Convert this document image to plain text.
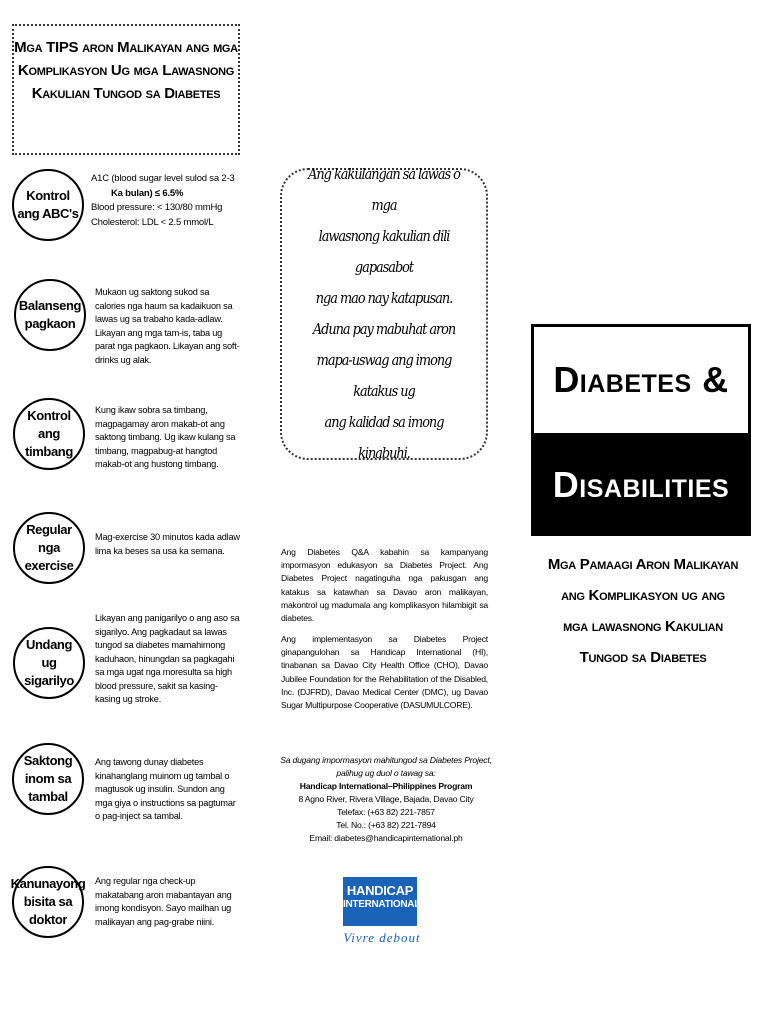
Mga TIPS aron Malikayan ang mga
Komplikasyon Ug mga Lawasnong
Kakulian Tungod sa Diabetes
Kontrol ang ABC's
A1C (blood sugar level sulod sa 2-3
Ka bulan) ≤ 6.5%
Blood pressure: < 130/80 mmHg
Cholesterol: LDL < 2.5 mmol/L
Balanseng pagkaon
Mukaon ug saktong sukod sa calories nga haum sa kadaikuon sa lawas ug sa trabaho kada-adlaw. Likayan ang mga tam-is, taba ug parat nga pagkaon. Likayan ang soft-drinks ug alak.
Kontrol ang timbang
Kung ikaw sobra sa timbang, magpagamay aron makab-ot ang saktong timbang. Ug ikaw kulang sa timbang, magpabug-at hangtod makab-ot ang hustong timbang.
Regular nga exercise
Mag-exercise 30 minutos kada adlaw lima ka beses sa usa ka semana.
Undang ug sigarilyo
Likayan ang panigarilyo o ang aso sa sigarilyo. Ang pagkadaut sa lawas tungod sa diabetes mamahimong kaduhaon, hinungdan sa pagkagahi sa mga ugat nga moresulta sa high blood pressure, sakit sa kasing-kasing ug stroke.
Saktong inom sa tambal
Ang tawong dunay diabetes kinahanglang muinom ug tambal o magtusok ug insulin. Sundon ang mga giya o instructions sa pagtumar o pag-inject sa tambal.
Kanunayong bisita sa doktor
Ang regular nga check-up makatabang aron mabantayan ang imong kondisyon. Sayo mailhan ug malikayan ang pag-grabe niini.
Ang kakulangan sa lawas o mga
lawasnong kakulian dili gapasabot
nga mao nay katapusan.
Aduna pay mabuhat aron
mapa-uswag ang imong katakus ug
ang kalidad sa imong kinabuhi.
Ang Diabetes Q&A kabahin sa kampanyang impormasyon edukasyon sa Diabetes Project. Ang Diabetes Project nagatinguha nga pakusgan ang katakus sa katawhan sa Davao aron malikayan, makontrol ug madumala ang komplikasyon hilambigit sa diabetes.
Ang implementasyon sa Diabetes Project ginapangulohan sa Handicap International (HI), tinabanan sa Davao City Health Office (CHO), Davao Jubilee Foundation for the Rehabilitation of the Disabled, Inc. (DJFRD), Davao Medical Center (DMC), ug Davao Sugar Multipurpose Cooperative (DASUMULCORE).
Sa dugang impormasyon mahitungod sa Diabetes Project,
palihug ug duol o tawag sa:
Handicap International–Philippines Program
8 Agno River, Rivera Village, Bajada, Davao City
Telefax: (+63 82) 221-7857
Tel. No.: (+63 82) 221-7894
Email: diabetes@handicapinternational.ph
HANDICAP
INTERNATIONAL
Vivre debout
Diabetes &
Disabilities
Mga Pamaagi Aron Malikayan
ang Komplikasyon ug ang
mga lawasnong Kakulian
Tungod sa Diabetes
